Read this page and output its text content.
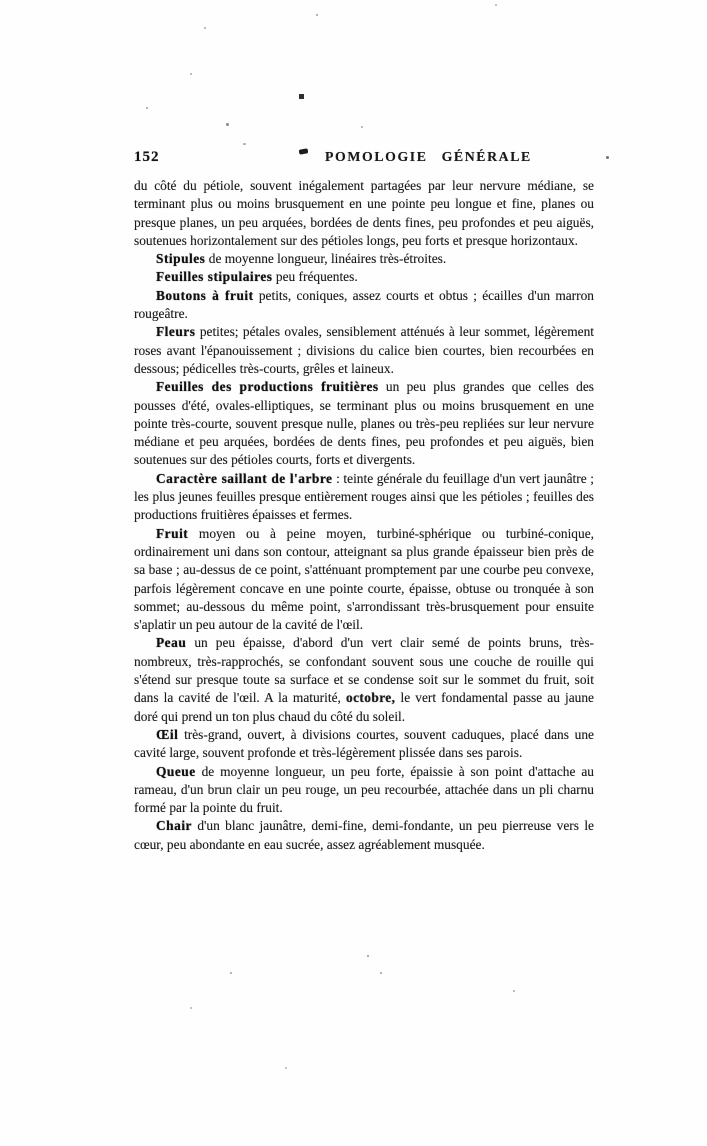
152	POMOLOGIE GÉNÉRALE

du côté du pétiole, souvent inégalement partagées par leur nervure médiane, se terminant plus ou moins brusquement en une pointe peu longue et fine, planes ou presque planes, un peu arquées, bordées de dents fines, peu profondes et peu aiguës, soutenues horizontalement sur des pétioles longs, peu forts et presque horizontaux.

Stipules de moyenne longueur, linéaires très-étroites.

Feuilles stipulaires peu fréquentes.

Boutons à fruit petits, coniques, assez courts et obtus ; écailles d'un marron rougeâtre.

Fleurs petites; pétales ovales, sensiblement atténués à leur sommet, légèrement roses avant l'épanouissement ; divisions du calice bien courtes, bien recourbées en dessous; pédicelles très-courts, grêles et laineux.

Feuilles des productions fruitières un peu plus grandes que celles des pousses d'été, ovales-elliptiques, se terminant plus ou moins brusquement en une pointe très-courte, souvent presque nulle, planes ou très-peu repliées sur leur nervure médiane et peu arquées, bordées de dents fines, peu profondes et peu aiguës, bien soutenues sur des pétioles courts, forts et divergents.

Caractère saillant de l'arbre : teinte générale du feuillage d'un vert jaunâtre ; les plus jeunes feuilles presque entièrement rouges ainsi que les pétioles ; feuilles des productions fruitières épaisses et fermes.

Fruit moyen ou à peine moyen, turbiné-sphérique ou turbiné-conique, ordinairement uni dans son contour, atteignant sa plus grande épaisseur bien près de sa base ; au-dessus de ce point, s'atténuant promptement par une courbe peu convexe, parfois légèrement concave en une pointe courte, épaisse, obtuse ou tronquée à son sommet; au-dessous du même point, s'arrondissant très-brusquement pour ensuite s'aplatir un peu autour de la cavité de l'œil.

Peau un peu épaisse, d'abord d'un vert clair semé de points bruns, très-nombreux, très-rapprochés, se confondant souvent sous une couche de rouille qui s'étend sur presque toute sa surface et se condense soit sur le sommet du fruit, soit dans la cavité de l'œil. A la maturité, octobre, le vert fondamental passe au jaune doré qui prend un ton plus chaud du côté du soleil.

Œil très-grand, ouvert, à divisions courtes, souvent caduques, placé dans une cavité large, souvent profonde et très-légèrement plissée dans ses parois.

Queue de moyenne longueur, un peu forte, épaissie à son point d'attache au rameau, d'un brun clair un peu rouge, un peu recourbée, attachée dans un pli charnu formé par la pointe du fruit.

Chair d'un blanc jaunâtre, demi-fine, demi-fondante, un peu pierreuse vers le cœur, peu abondante en eau sucrée, assez agréablement musquée.
